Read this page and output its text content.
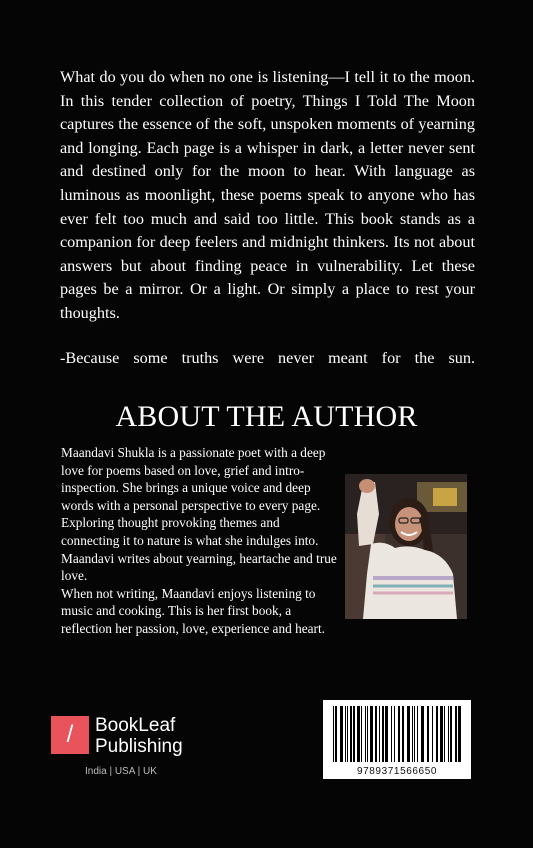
What do you do when no one is listening—I tell it to the moon. In this tender collection of poetry, Things I Told The Moon captures the essence of the soft, unspoken moments of yearning and longing. Each page is a whisper in dark, a letter never sent and destined only for the moon to hear. With language as luminous as moonlight, these poems speak to anyone who has ever felt too much and said too little. This book stands as a companion for deep feelers and midnight thinkers. Its not about answers but about finding peace in vulnerability. Let these pages be a mirror. Or a light. Or simply a place to rest your thoughts.

-Because some truths were never meant for the sun.

ABOUT THE AUTHOR

Maandavi Shukla is a passionate poet with a deep love for poems based on love, grief and intro-inspection. She brings a unique voice and deep words with a personal perspective to every page. Exploring thought provoking themes and connecting it to nature is what she indulges into. Maandavi writes about yearning, heartache and true love.

When not writing, Maandavi enjoys listening to music and cooking. This is her first book, a reflection her passion, love, experience and heart.

/	BookLeaf
Publishing
India | USA | UK	9789371566650
